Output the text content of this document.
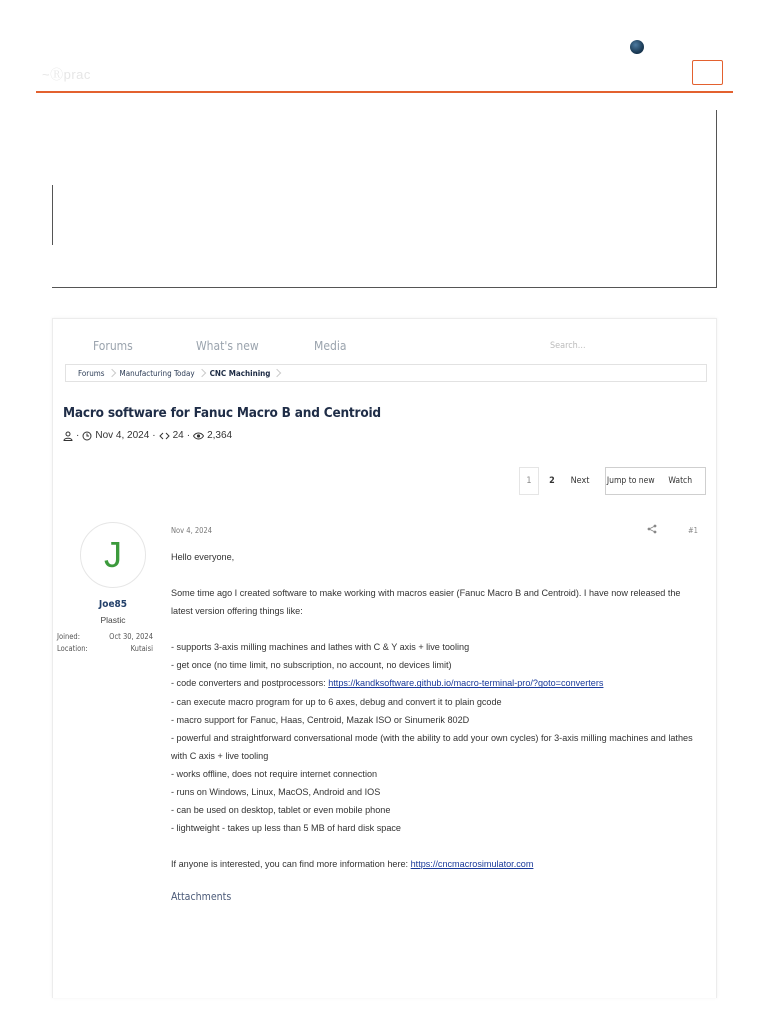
~Ⓡprac
Forums	What's new	Media	Search...
Forums Manufacturing Today CNC Machining
Macro software for Fanuc Macro B and Centroid
· Nov 4, 2024 · 24 · 2,364
1	2	Next	Jump to new	Watch
J
Joe85
Plastic
Joined:	Oct 30, 2024
Location:	Kutaisi
Nov 4, 2024	#1

Hello everyone,

Some time ago I created software to make working with macros easier (Fanuc Macro B and Centroid). I have now released the latest version offering things like:

- supports 3-axis milling machines and lathes with C & Y axis + live tooling

- get once (no time limit, no subscription, no account, no devices limit)

- code converters and postprocessors: https://kandksoftware.github.io/macro-terminal-pro/?goto=converters

- can execute macro program for up to 6 axes, debug and convert it to plain gcode

- macro support for Fanuc, Haas, Centroid, Mazak ISO or Sinumerik 802D

- powerful and straightforward conversational mode (with the ability to add your own cycles) for 3-axis milling machines and lathes with C axis + live tooling

- works offline, does not require internet connection

- runs on Windows, Linux, MacOS, Android and IOS

- can be used on desktop, tablet or even mobile phone

- lightweight - takes up less than 5 MB of hard disk space

If anyone is interested, you can find more information here: https://cncmacrosimulator.com

Attachments
